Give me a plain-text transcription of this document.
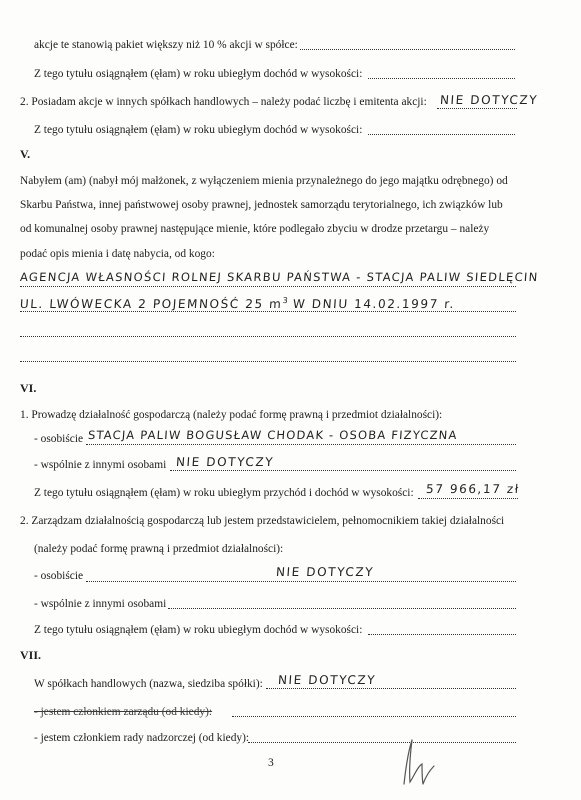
akcje te stanowią pakiet większy niż 10 % akcji w spółce:
Z tego tytułu osiągnąłem (ęłam) w roku ubiegłym dochód w wysokości:
2. Posiadam akcje w innych spółkach handlowych – należy podać liczbę i emitenta akcji: NIE DOTYCZY
Z tego tytułu osiągnąłem (ęłam) w roku ubiegłym dochód w wysokości:
V.
Nabyłem (am) (nabył mój małżonek, z wyłączeniem mienia przynależnego do jego majątku odrębnego) od
Skarbu Państwa, innej państwowej osoby prawnej, jednostek samorządu terytorialnego, ich związków lub
od komunalnej osoby prawnej następujące mienie, które podlegało zbyciu w drodze przetargu – należy
podać opis mienia i datę nabycia, od kogo:
AGENCJA WŁASNOŚCI ROLNEJ SKARBU PAŃSTWA - STACJA PALIW SIEDLĘCIN
UL. LWÓWECKA 2 POJEMNOŚĆ 25 $m^3$ W DNIU 14.02.1997 r.
VI.
1. Prowadzę działalność gospodarczą (należy podać formę prawną i przedmiot działalności):
- osobiście STACJA PALIW BOGUSŁAW CHODAK - OSOBA FIZYCZNA
- wspólnie z innymi osobami NIE DOTYCZY
Z tego tytułu osiągnąłem (ęłam) w roku ubiegłym przychód i dochód w wysokości: 57 966,17 zł
2. Zarządzam działalnością gospodarczą lub jestem przedstawicielem, pełnomocnikiem takiej działalności
(należy podać formę prawną i przedmiot działalności):
- osobiście	NIE DOTYCZY
- wspólnie z innymi osobami
Z tego tytułu osiągnąłem (ęłam) w roku ubiegłym dochód w wysokości:
VII.
W spółkach handlowych (nazwa, siedziba spółki): NIE DOTYCZY
- jestem członkiem zarządu (od kiedy):
- jestem członkiem rady nadzorczej (od kiedy):
3
